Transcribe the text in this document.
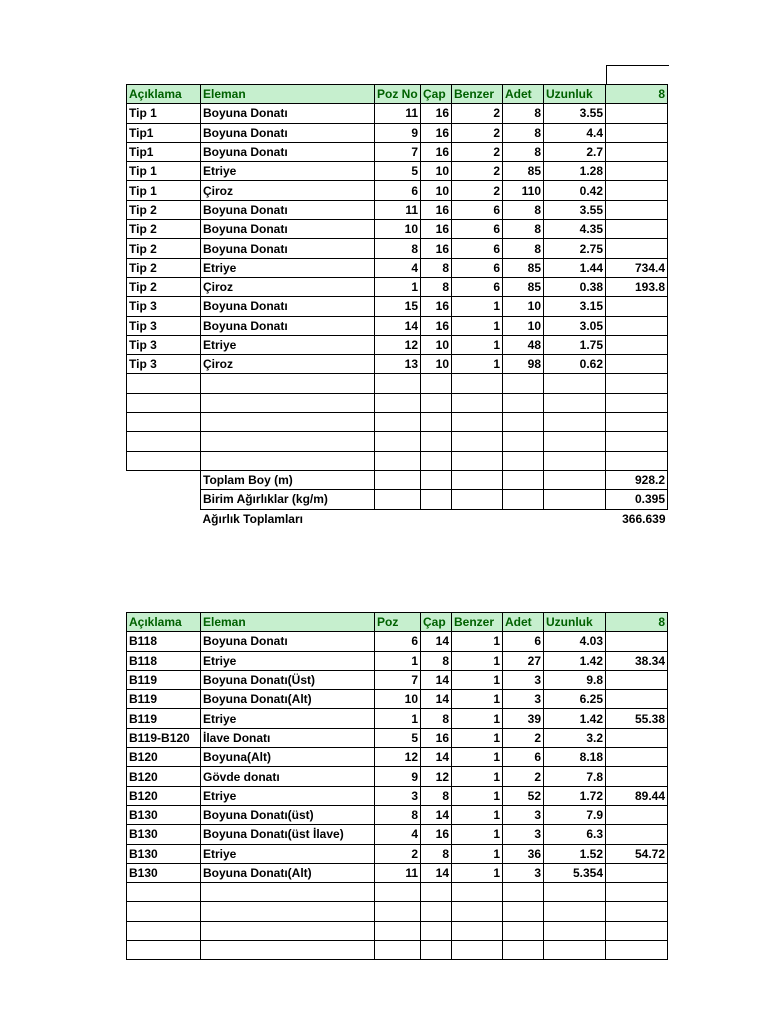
Açıklama	Eleman	Poz No	Çap	Benzer	Adet	Uzunluk	8
Tip 1	Boyuna Donatı	11	16	2	8	3.55	
Tip1	Boyuna Donatı	9	16	2	8	4.4	
Tip1	Boyuna Donatı	7	16	2	8	2.7	
Tip 1	Etriye	5	10	2	85	1.28	
Tip 1	Çiroz	6	10	2	110	0.42	
Tip 2	Boyuna Donatı	11	16	6	8	3.55	
Tip 2	Boyuna Donatı	10	16	6	8	4.35	
Tip 2	Boyuna Donatı	8	16	6	8	2.75	
Tip 2	Etriye	4	8	6	85	1.44	734.4
Tip 2	Çiroz	1	8	6	85	0.38	193.8
Tip 3	Boyuna Donatı	15	16	1	10	3.15	
Tip 3	Boyuna Donatı	14	16	1	10	3.05	
Tip 3	Etriye	12	10	1	48	1.75	
Tip 3	Çiroz	13	10	1	98	0.62	

	Toplam Boy (m)						928.2
	Birim Ağırlıklar (kg/m)						0.395
	Ağırlık Toplamları						366.639
Açıklama	Eleman	Poz	Çap	Benzer	Adet	Uzunluk	8
B118	Boyuna Donatı	6	14	1	6	4.03	
B118	Etriye	1	8	1	27	1.42	38.34
B119	Boyuna Donatı(Üst)	7	14	1	3	9.8	
B119	Boyuna Donatı(Alt)	10	14	1	3	6.25	
B119	Etriye	1	8	1	39	1.42	55.38
B119-B120	İlave Donatı	5	16	1	2	3.2	
B120	Boyuna(Alt)	12	14	1	6	8.18	
B120	Gövde donatı	9	12	1	2	7.8	
B120	Etriye	3	8	1	52	1.72	89.44
B130	Boyuna Donatı(üst)	8	14	1	3	7.9	
B130	Boyuna Donatı(üst İlave)	4	16	1	3	6.3	
B130	Etriye	2	8	1	36	1.52	54.72
B130	Boyuna Donatı(Alt)	11	14	1	3	5.354	
